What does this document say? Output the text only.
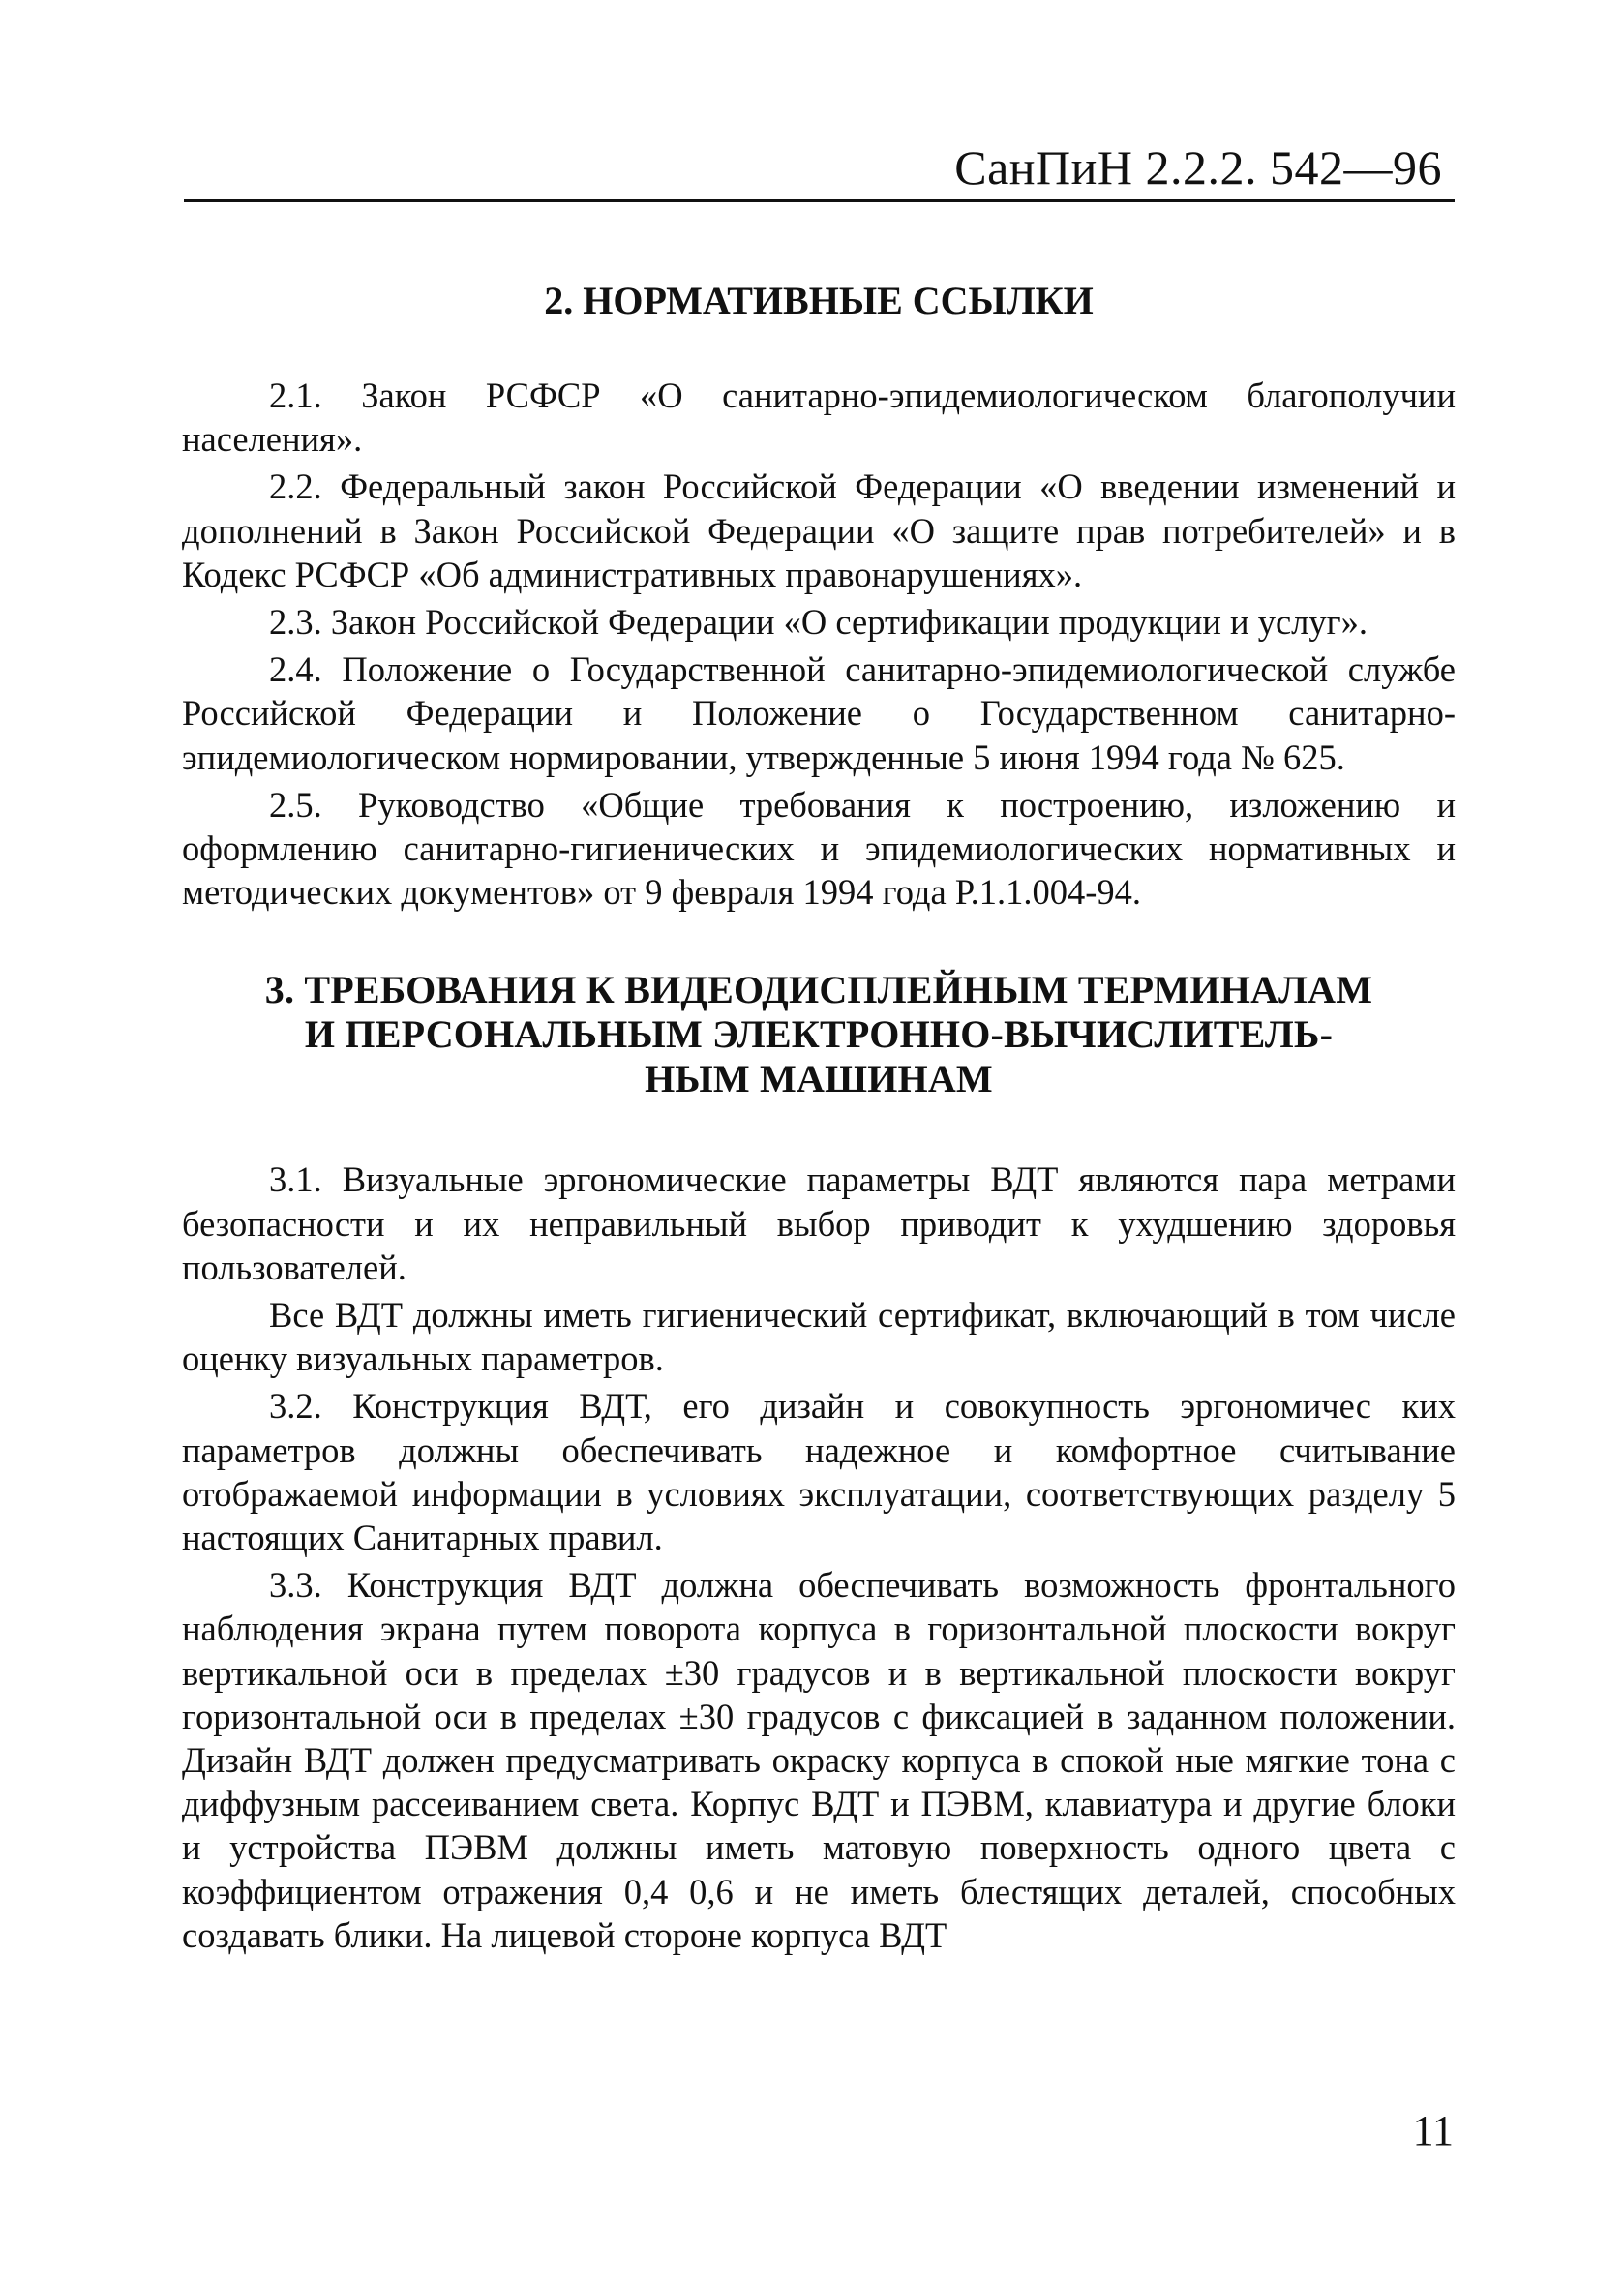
СанПиН 2.2.2. 542—96
2. НОРМАТИВНЫЕ ССЫЛКИ

2.1. Закон РСФСР «О санитарно-эпидемиологическом благополучии населения».

2.2. Федеральный закон Российской Федерации «О введении изменений и дополнений в Закон Российской Федерации «О защите прав потребителей» и в Кодекс РСФСР «Об административных правонарушениях».

2.3. Закон Российской Федерации «О сертификации продукции и услуг».

2.4. Положение о Государственной санитарно-эпидемиологической службе Российской Федерации и Положение о Государственном санитарно-эпидемиологическом нормировании, утвержденные 5 июня 1994 года № 625.

2.5. Руководство «Общие требования к построению, изложению и оформлению санитарно-гигиенических и эпидемиологических нормативных и методических документов» от 9 февраля 1994 года Р.1.1.004-94.

3. ТРЕБОВАНИЯ К ВИДЕОДИСПЛЕЙНЫМ ТЕРМИНАЛАМ
И ПЕРСОНАЛЬНЫМ ЭЛЕКТРОННО-ВЫЧИСЛИТЕЛЬ-
НЫМ МАШИНАМ

3.1. Визуальные эргономические параметры ВДТ являются пара метрами безопасности и их неправильный выбор приводит к ухудшению здоровья пользователей.

Все ВДТ должны иметь гигиенический сертификат, включающий в том числе оценку визуальных параметров.

3.2. Конструкция ВДТ, его дизайн и совокупность эргономичес ких параметров должны обеспечивать надежное и комфортное считывание отображаемой информации в условиях эксплуатации, соответствующих разделу 5 настоящих Санитарных правил.

3.3. Конструкция ВДТ должна обеспечивать возможность фронтального наблюдения экрана путем поворота корпуса в горизонтальной плоскости вокруг вертикальной оси в пределах ±30 градусов и в вертикальной плоскости вокруг горизонтальной оси в пределах ±30 градусов с фиксацией в заданном положении. Дизайн ВДТ должен предусматривать окраску корпуса в спокой ные мягкие тона с диффузным рассеиванием света. Корпус ВДТ и ПЭВМ, клавиатура и другие блоки и устройства ПЭВМ должны иметь матовую поверхность одного цвета с коэффициентом отражения 0,4 0,6 и не иметь блестящих деталей, способных создавать блики. На лицевой стороне корпуса ВДТ

11
